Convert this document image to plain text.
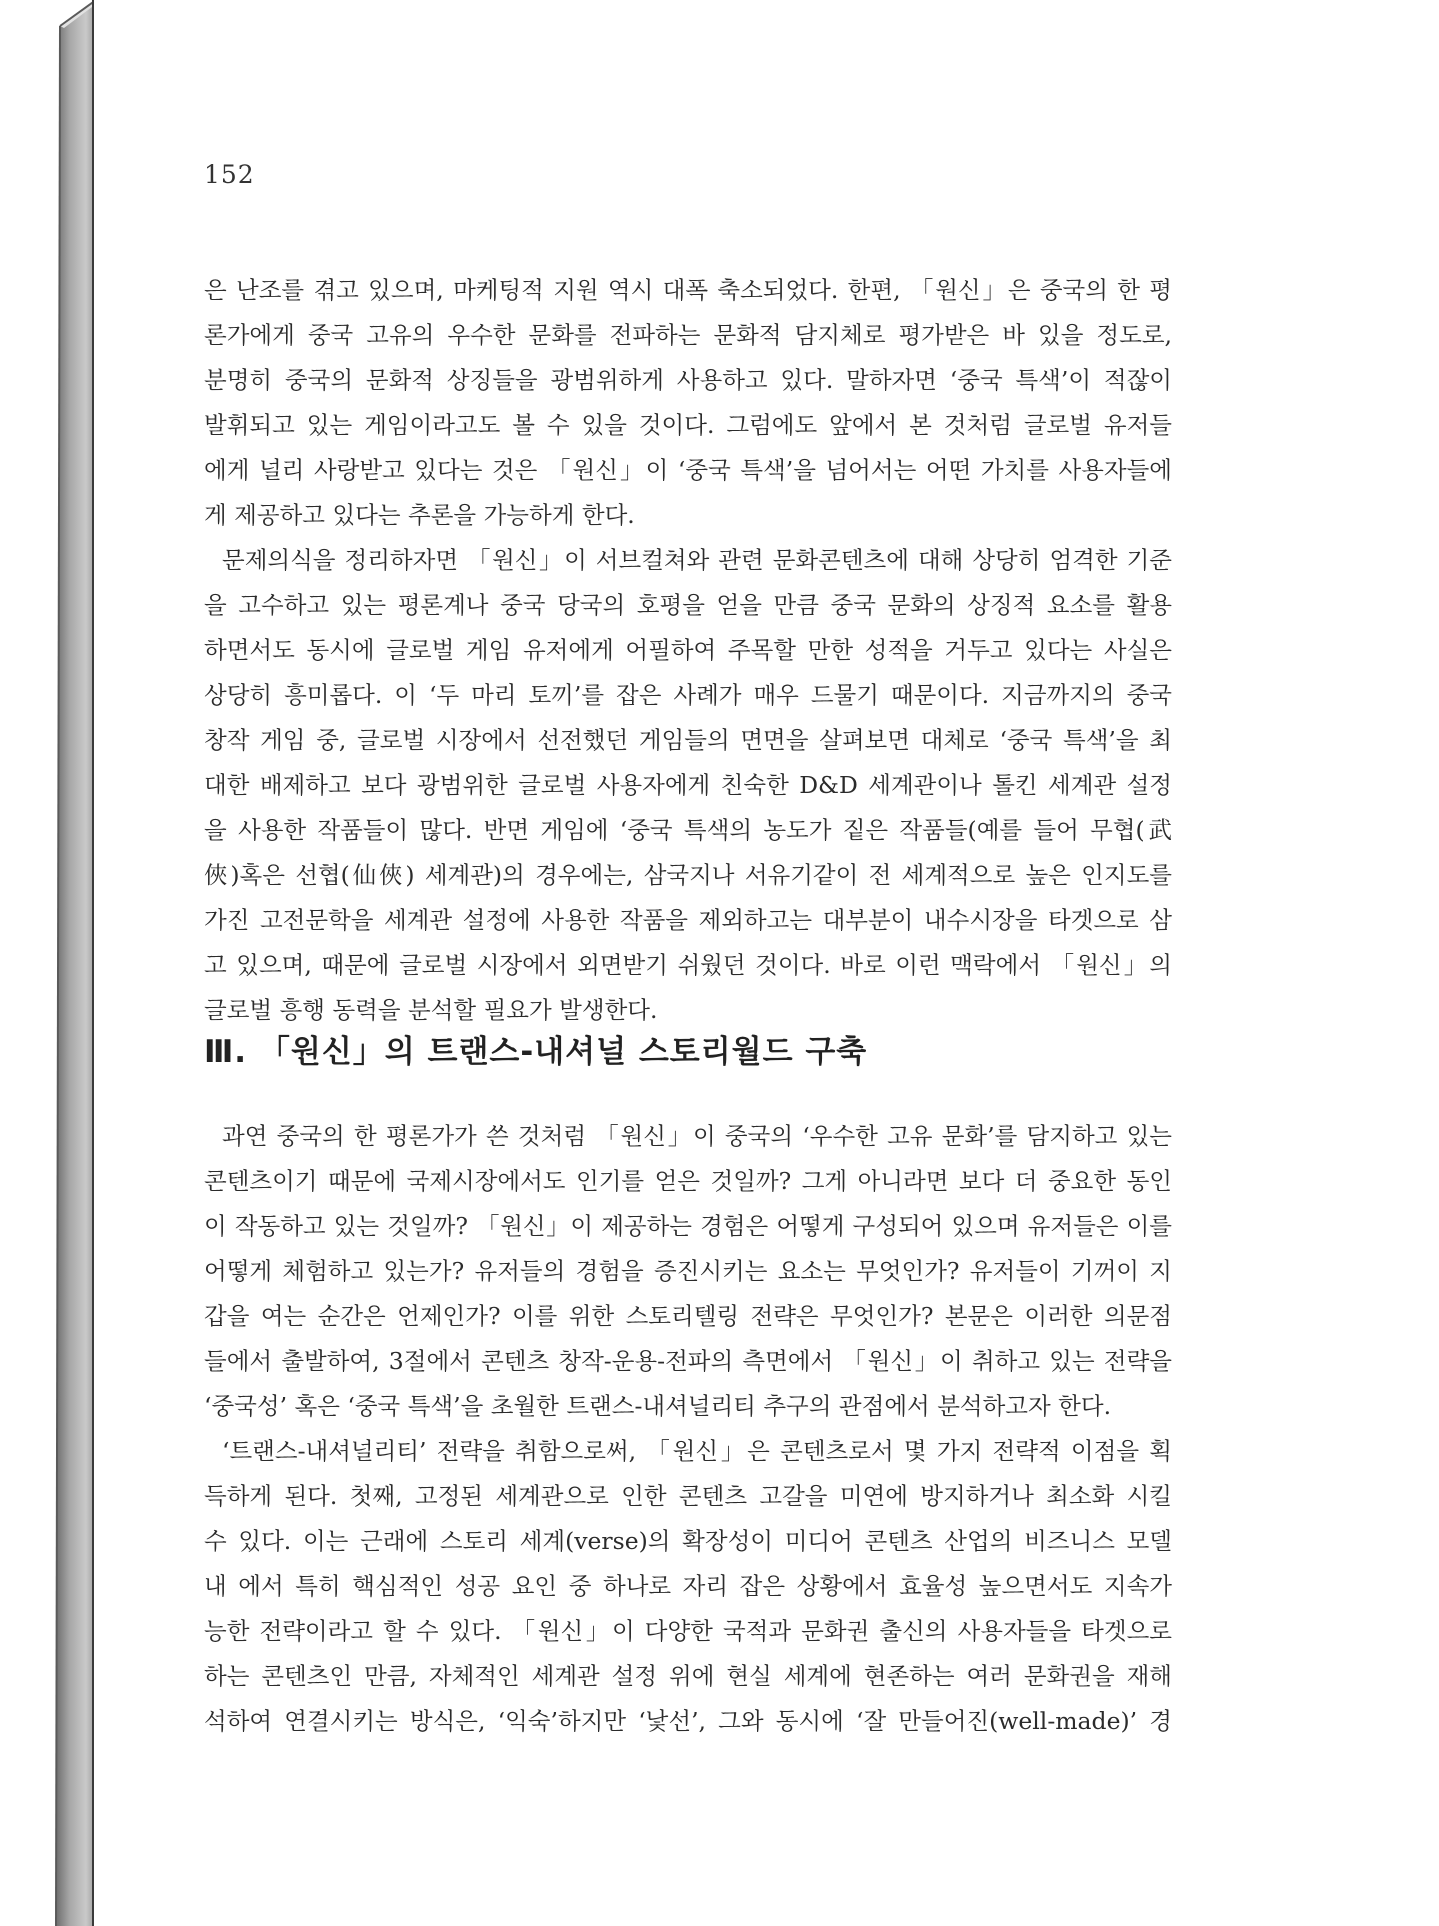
152

은 난조를 겪고 있으며, 마케팅적 지원 역시 대폭 축소되었다. 한편, 「원신」은 중국의 한 평

론가에게 중국 고유의 우수한 문화를 전파하는 문화적 담지체로 평가받은 바 있을 정도로,

분명히 중국의 문화적 상징들을 광범위하게 사용하고 있다. 말하자면 ‘중국 특색’이 적잖이

발휘되고 있는 게임이라고도 볼 수 있을 것이다. 그럼에도 앞에서 본 것처럼 글로벌 유저들

에게 널리 사랑받고 있다는 것은 「원신」이 ‘중국 특색’을 넘어서는 어떤 가치를 사용자들에

게 제공하고 있다는 추론을 가능하게 한다.

문제의식을 정리하자면 「원신」이 서브컬쳐와 관련 문화콘텐츠에 대해 상당히 엄격한 기준

을 고수하고 있는 평론계나 중국 당국의 호평을 얻을 만큼 중국 문화의 상징적 요소를 활용

하면서도 동시에 글로벌 게임 유저에게 어필하여 주목할 만한 성적을 거두고 있다는 사실은

상당히 흥미롭다. 이 ‘두 마리 토끼’를 잡은 사례가 매우 드물기 때문이다. 지금까지의 중국

창작 게임 중, 글로벌 시장에서 선전했던 게임들의 면면을 살펴보면 대체로 ‘중국 특색’을 최

대한 배제하고 보다 광범위한 글로벌 사용자에게 친숙한 D&D 세계관이나 톨킨 세계관 설정

을 사용한 작품들이 많다. 반면 게임에 ‘중국 특색의 농도가 짙은 작품들(예를 들어 무협(武

俠)혹은 선협(仙俠) 세계관)의 경우에는, 삼국지나 서유기같이 전 세계적으로 높은 인지도를

가진 고전문학을 세계관 설정에 사용한 작품을 제외하고는 대부분이 내수시장을 타겟으로 삼

고 있으며, 때문에 글로벌 시장에서 외면받기 쉬웠던 것이다. 바로 이런 맥락에서 「원신」의

글로벌 흥행 동력을 분석할 필요가 발생한다.

Ⅲ. 「원신」의 트랜스-내셔널 스토리월드 구축

과연 중국의 한 평론가가 쓴 것처럼 「원신」이 중국의 ‘우수한 고유 문화’를 담지하고 있는

콘텐츠이기 때문에 국제시장에서도 인기를 얻은 것일까? 그게 아니라면 보다 더 중요한 동인

이 작동하고 있는 것일까? 「원신」이 제공하는 경험은 어떻게 구성되어 있으며 유저들은 이를

어떻게 체험하고 있는가? 유저들의 경험을 증진시키는 요소는 무엇인가? 유저들이 기꺼이 지

갑을 여는 순간은 언제인가? 이를 위한 스토리텔링 전략은 무엇인가? 본문은 이러한 의문점

들에서 출발하여, 3절에서 콘텐츠 창작-운용-전파의 측면에서 「원신」이 취하고 있는 전략을

‘중국성’ 혹은 ‘중국 특색’을 초월한 트랜스-내셔널리티 추구의 관점에서 분석하고자 한다.

‘트랜스-내셔널리티’ 전략을 취함으로써, 「원신」은 콘텐츠로서 몇 가지 전략적 이점을 획

득하게 된다. 첫째, 고정된 세계관으로 인한 콘텐츠 고갈을 미연에 방지하거나 최소화 시킬

수 있다. 이는 근래에 스토리 세계(verse)의 확장성이 미디어 콘텐츠 산업의 비즈니스 모델

내 에서 특히 핵심적인 성공 요인 중 하나로 자리 잡은 상황에서 효율성 높으면서도 지속가

능한 전략이라고 할 수 있다. 「원신」이 다양한 국적과 문화권 출신의 사용자들을 타겟으로

하는 콘텐츠인 만큼, 자체적인 세계관 설정 위에 현실 세계에 현존하는 여러 문화권을 재해

석하여 연결시키는 방식은, ‘익숙’하지만 ‘낯선’, 그와 동시에 ‘잘 만들어진(well-made)’ 경
